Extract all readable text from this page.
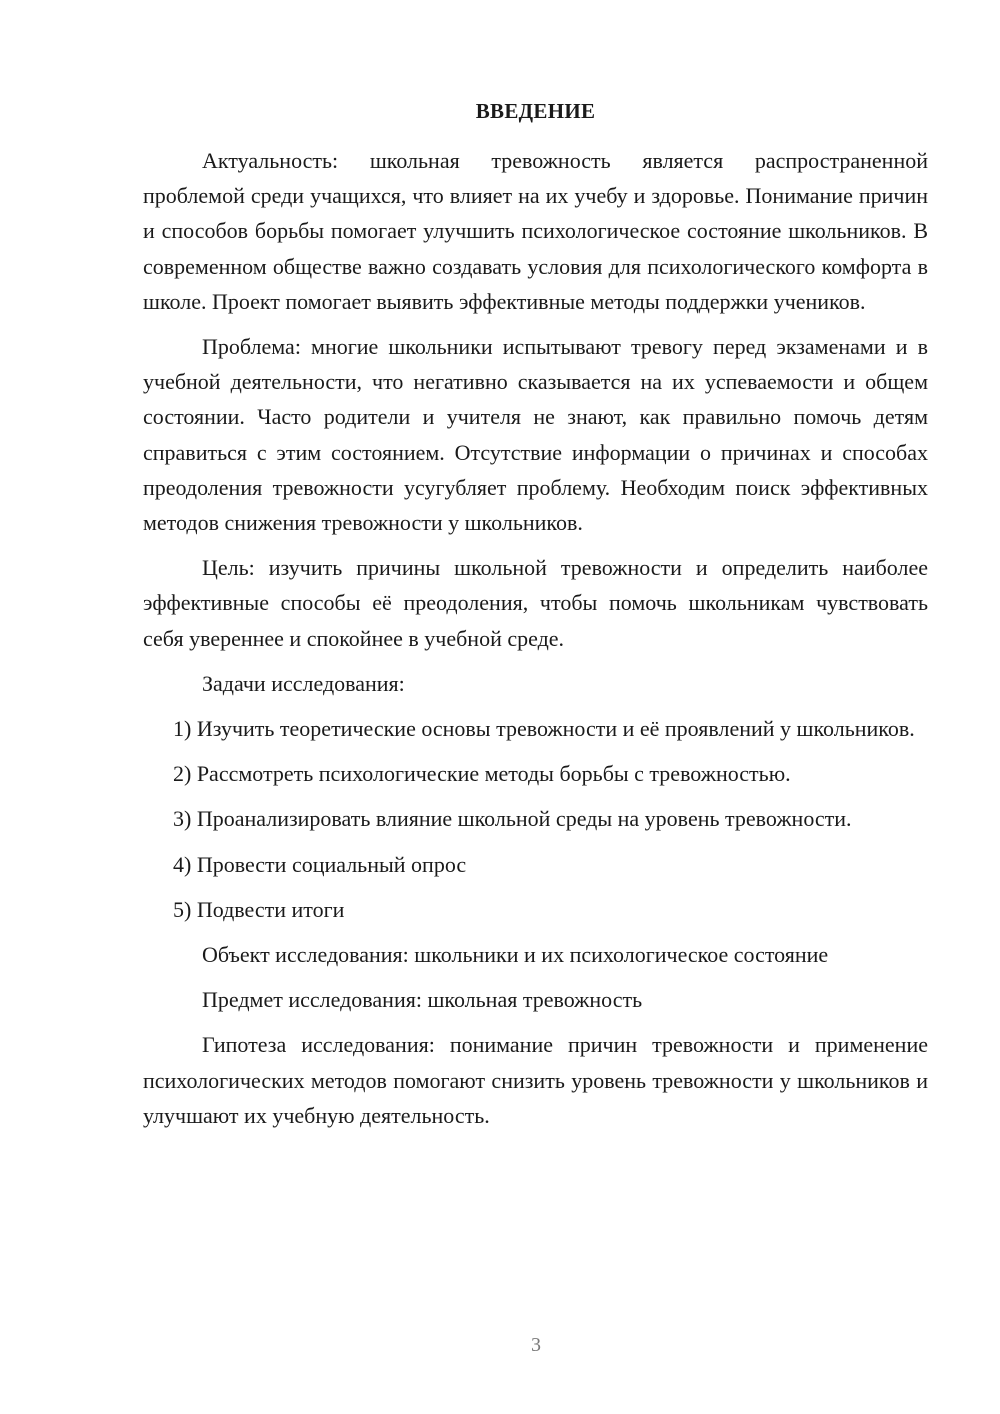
ВВЕДЕНИЕ

Актуальность: школьная тревожность является распространенной проблемой среди учащихся, что влияет на их учебу и здоровье. Понимание причин и способов борьбы помогает улучшить психологическое состояние школьников. В современном обществе важно создавать условия для психологического комфорта в школе. Проект помогает выявить эффективные методы поддержки учеников.

Проблема: многие школьники испытывают тревогу перед экзаменами и в учебной деятельности, что негативно сказывается на их успеваемости и общем состоянии. Часто родители и учителя не знают, как правильно помочь детям справиться с этим состоянием. Отсутствие информации о причинах и способах преодоления тревожности усугубляет проблему. Необходим поиск эффективных методов снижения тревожности у школьников.

Цель: изучить причины школьной тревожности и определить наиболее эффективные способы её преодоления, чтобы помочь школьникам чувствовать себя увереннее и спокойнее в учебной среде.

Задачи исследования:

1) Изучить теоретические основы тревожности и её проявлений у школьников.

2) Рассмотреть психологические методы борьбы с тревожностью.

3) Проанализировать влияние школьной среды на уровень тревожности.

4) Провести социальный опрос

5) Подвести итоги

Объект исследования: школьники и их психологическое состояние

Предмет исследования: школьная тревожность

Гипотеза исследования: понимание причин тревожности и применение психологических методов помогают снизить уровень тревожности у школьников и улучшают их учебную деятельность.

3
